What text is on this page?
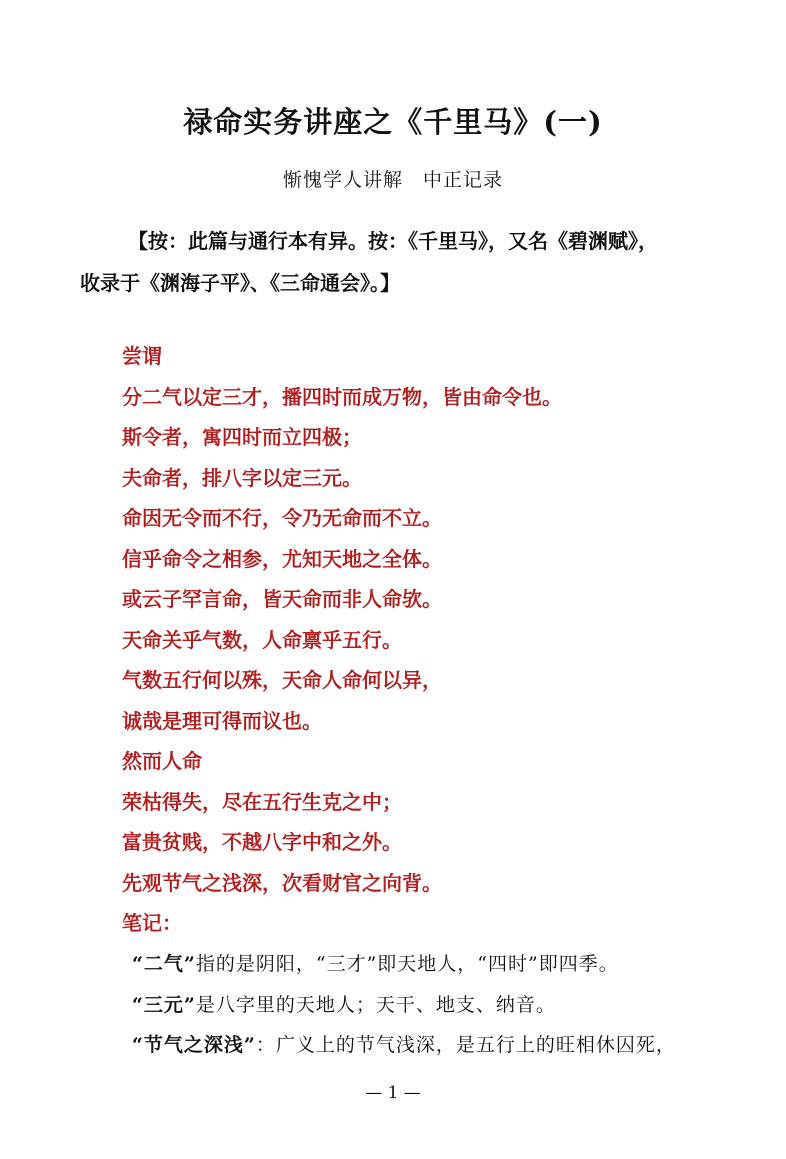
禄命实务讲座之《千里马》(一)
惭愧学人讲解　中正记录
【按：此篇与通行本有异。按：《千里马》，又名《碧渊赋》，
收录于《渊海子平》、《三命通会》。】
尝谓
分二气以定三才，播四时而成万物，皆由命令也。
斯令者，寓四时而立四极；
夫命者，排八字以定三元。
命因无令而不行，令乃无命而不立。
信乎命令之相参，尤知天地之全体。
或云子罕言命，皆天命而非人命欤。
天命关乎气数，人命禀乎五行。
气数五行何以殊，天命人命何以异，
诚哉是理可得而议也。
然而人命
荣枯得失，尽在五行生克之中；
富贵贫贱，不越八字中和之外。
先观节气之浅深，次看财官之向背。
笔记：
“二气”指的是阴阳，“三才”即天地人，“四时”即四季。
“三元”是八字里的天地人；天干、地支、纳音。
“节气之深浅”：广义上的节气浅深，是五行上的旺相休囚死，
— 1 —
